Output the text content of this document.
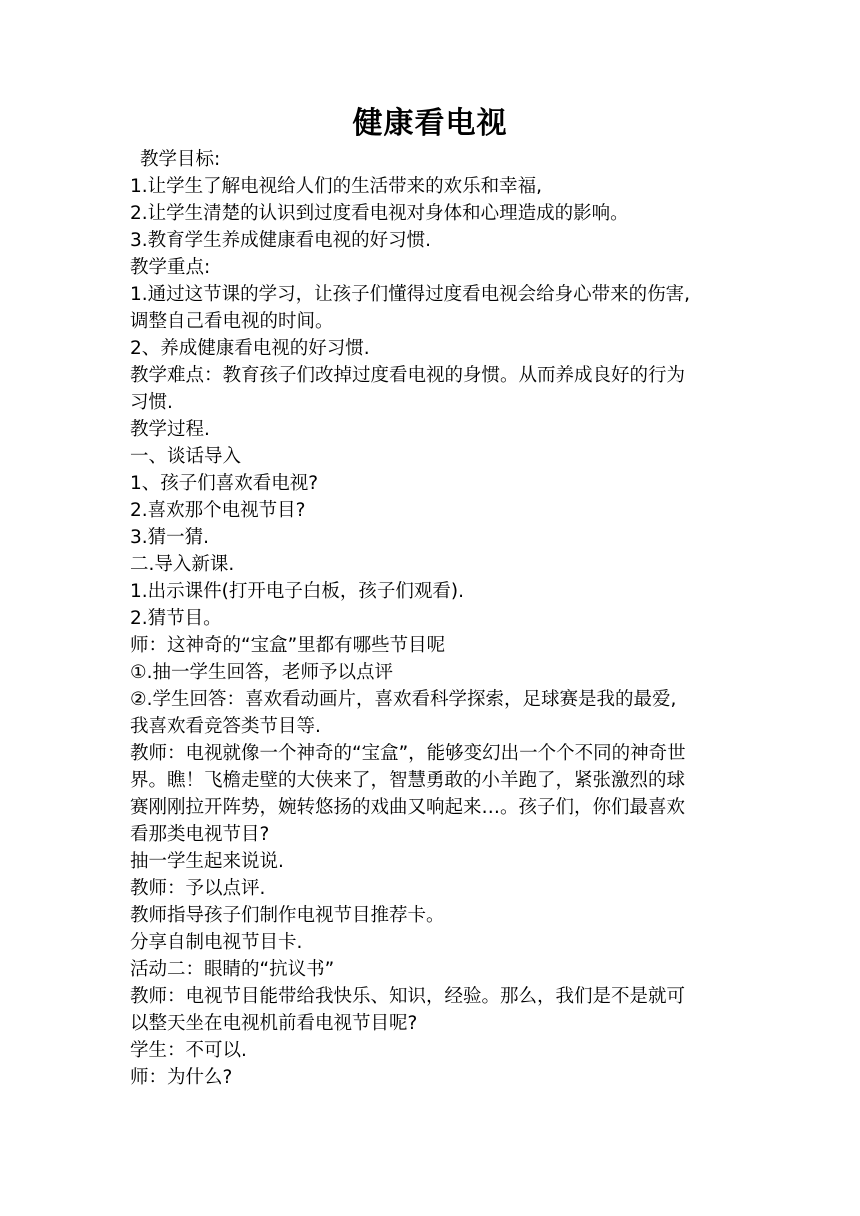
健康看电视
教学目标:
1.让学生了解电视给人们的生活带来的欢乐和幸福,
2.让学生清楚的认识到过度看电视对身体和心理造成的影响。
3.教育学生养成健康看电视的好习惯.
教学重点:
1.通过这节课的学习，让孩子们懂得过度看电视会给身心带来的伤害,
调整自己看电视的时间。
2、养成健康看电视的好习惯.
教学难点：教育孩子们改掉过度看电视的身惯。从而养成良好的行为
习惯.
教学过程.
一、谈话导入
1、孩子们喜欢看电视?
2.喜欢那个电视节目?
3.猜一猜.
二.导入新课.
1.出示课件(打开电子白板，孩子们观看).
2.猜节目。
师：这神奇的“宝盒”里都有哪些节目呢
①.抽一学生回答，老师予以点评
②.学生回答：喜欢看动画片，喜欢看科学探索，足球赛是我的最爱,
我喜欢看竞答类节目等.
教师：电视就像一个神奇的“宝盒”，能够变幻出一个个不同的神奇世
界。瞧！飞檐走壁的大侠来了，智慧勇敢的小羊跑了，紧张激烈的球
赛刚刚拉开阵势，婉转悠扬的戏曲又响起来…。孩子们，你们最喜欢
看那类电视节目?
抽一学生起来说说.
教师：予以点评.
教师指导孩子们制作电视节目推荐卡。
分享自制电视节目卡.
活动二：眼睛的“抗议书”
教师：电视节目能带给我快乐、知识，经验。那么，我们是不是就可
以整天坐在电视机前看电视节目呢?
学生：不可以.
师：为什么?
